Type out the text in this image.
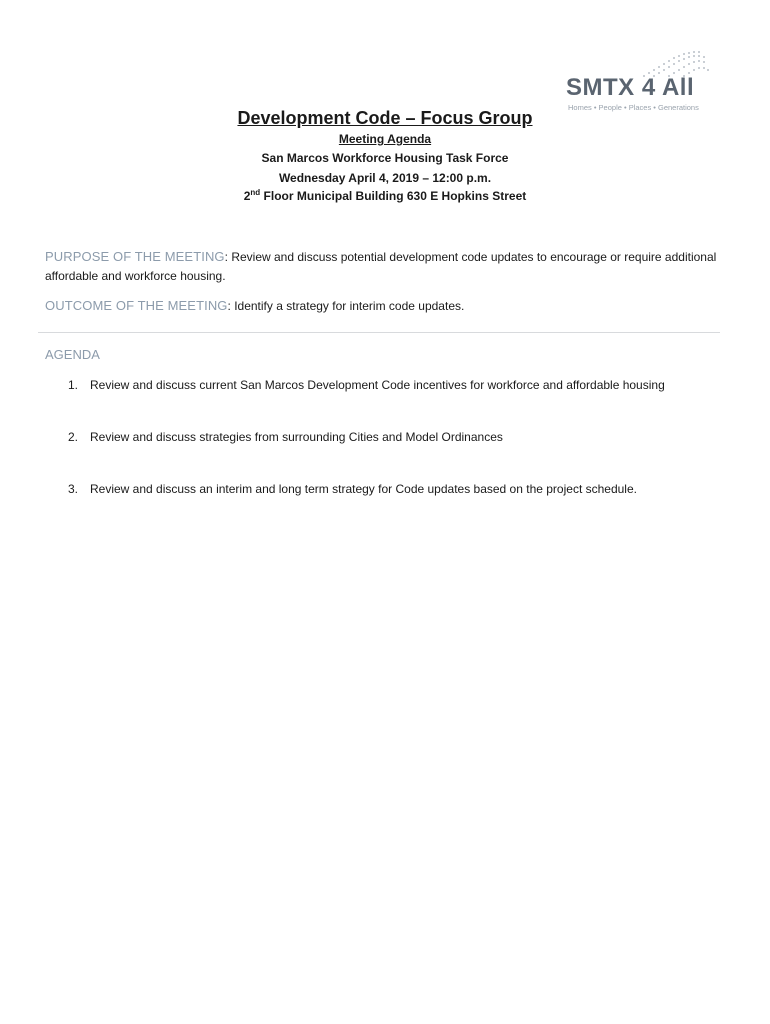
SMTX 4 All
Homes • People • Places • Generations
Development Code – Focus Group
Meeting Agenda
San Marcos Workforce Housing Task Force
Wednesday April 4, 2019 – 12:00 p.m.
2nd Floor Municipal Building 630 E Hopkins Street
PURPOSE OF THE MEETING: Review and discuss potential development code updates to encourage or require additional affordable and workforce housing.
OUTCOME OF THE MEETING: Identify a strategy for interim code updates.
AGENDA
1. Review and discuss current San Marcos Development Code incentives for workforce and affordable housing
2. Review and discuss strategies from surrounding Cities and Model Ordinances
3. Review and discuss an interim and long term strategy for Code updates based on the project schedule.
